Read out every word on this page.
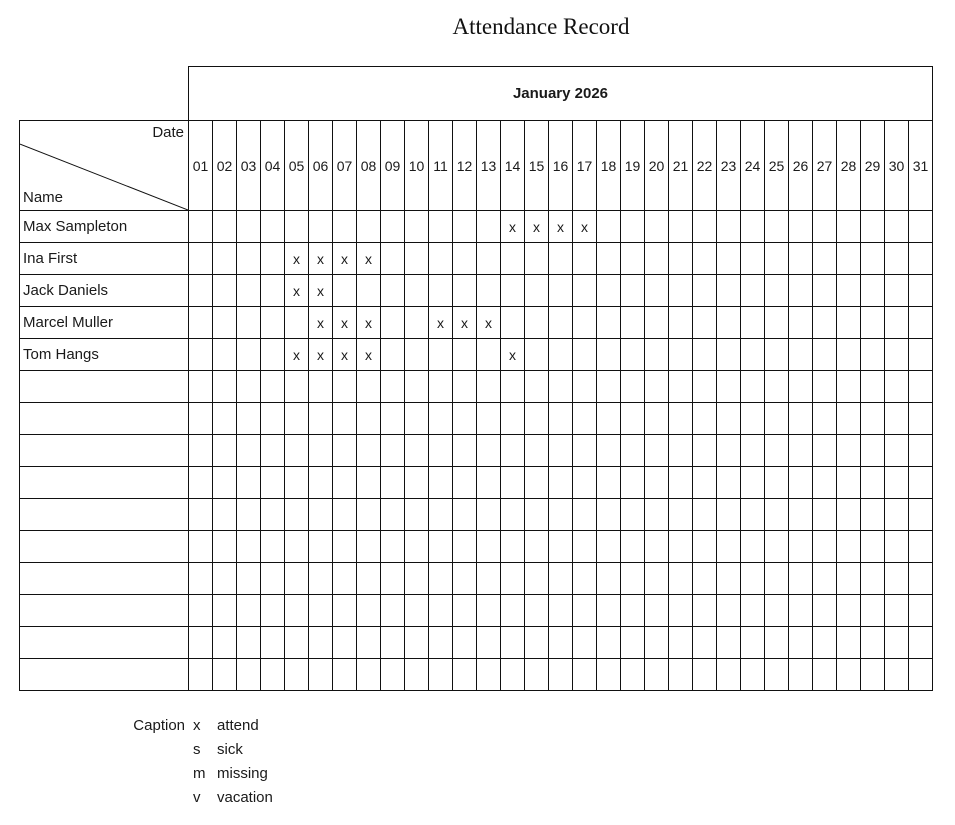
Attendance Record
	January 2026																														

Date
Name	01	02	03	04	05	06	07	08	09	10	11	12	13	14	15	16	17	18	19	20	21	22	23	24	25	26	27	28	29	30	31
Max Sampleton														x	x	x	x														
Ina First					x	x	x	x																							
Jack Daniels					x	x																									
Marcel Muller						x	x	x			x	x	x																		
Tom Hangs					x	x	x	x						x																	

Caption x	attend
s	sick
m missing
v	vacation
